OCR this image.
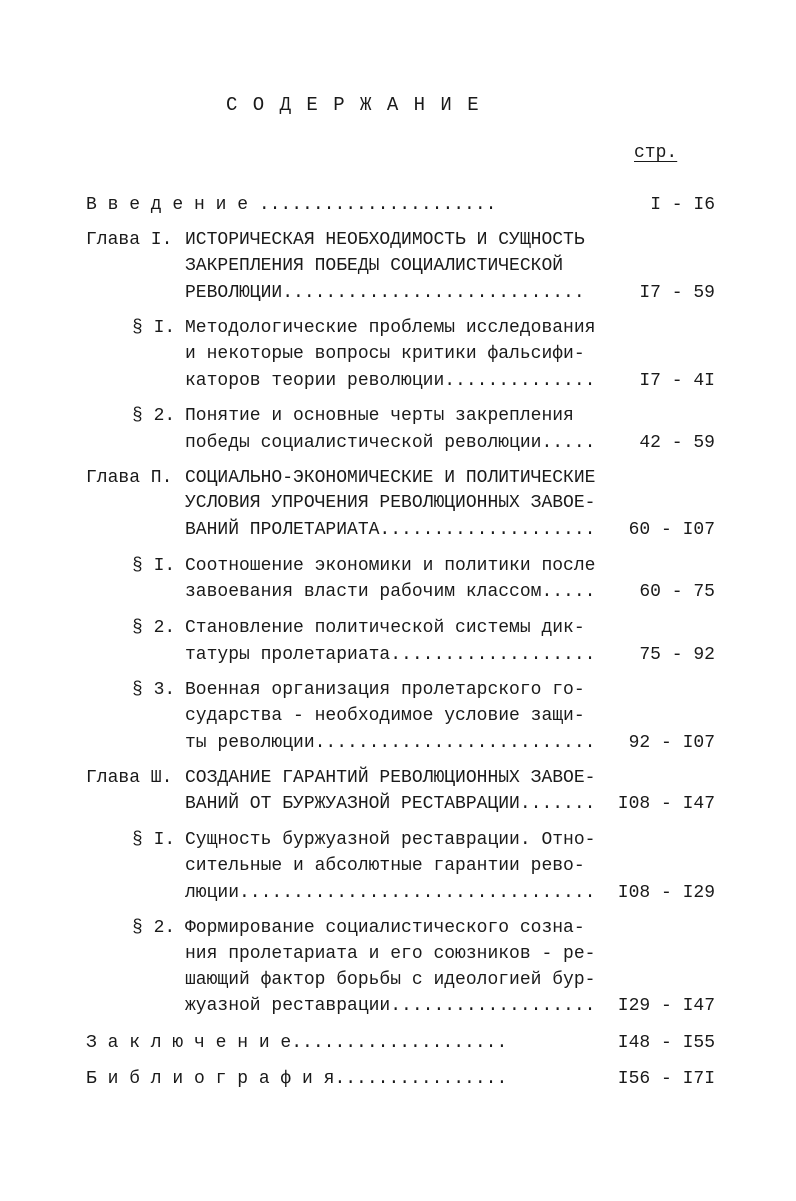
С О Д Е Р Ж А Н И Е
стр.
В в е д е н и е ......................	I - I6
Глава I. ИСТОРИЧЕСКАЯ НЕОБХОДИМОСТЬ И СУЩНОСТЬ
ЗАКРЕПЛЕНИЯ ПОБЕДЫ СОЦИАЛИСТИЧЕСКОЙ
РЕВОЛЮЦИИ............................	I7 - 59
§ I. Методологические проблемы исследования
и некоторые вопросы критики фальсифи-
каторов теории революции.............. I7 - 4I
§ 2. Понятие и основные черты закрепления
победы социалистической революции..... 42 - 59
Глава П. СОЦИАЛЬНО-ЭКОНОМИЧЕСКИЕ И ПОЛИТИЧЕСКИЕ
УСЛОВИЯ УПРОЧЕНИЯ РЕВОЛЮЦИОННЫХ ЗАВОЕ-
ВАНИЙ ПРОЛЕТАРИАТА.................... 60 - I07
§ I. Соотношение экономики и политики после
завоевания власти рабочим классом..... 60 - 75
§ 2. Становление политической системы дик-
татуры пролетариата................... 75 - 92
§ 3. Военная организация пролетарского го-
сударства - необходимое условие защи-
ты революции.......................... 92 - I07
Глава Ш. СОЗДАНИЕ ГАРАНТИЙ РЕВОЛЮЦИОННЫХ ЗАВОЕ-
ВАНИЙ ОТ БУРЖУАЗНОЙ РЕСТАВРАЦИИ....... I08 - I47
§ I. Сущность буржуазной реставрации. Отно-
сительные и абсолютные гарантии рево-
люции................................. I08 - I29
§ 2. Формирование социалистического созна-
ния пролетариата и его союзников - ре-
шающий фактор борьбы с идеологией бур-
жуазной реставрации................... I29 - I47
З а к л ю ч е н и е....................	I48 - I55
Б и б л и о г р а ф и я................	I56 - I7I
